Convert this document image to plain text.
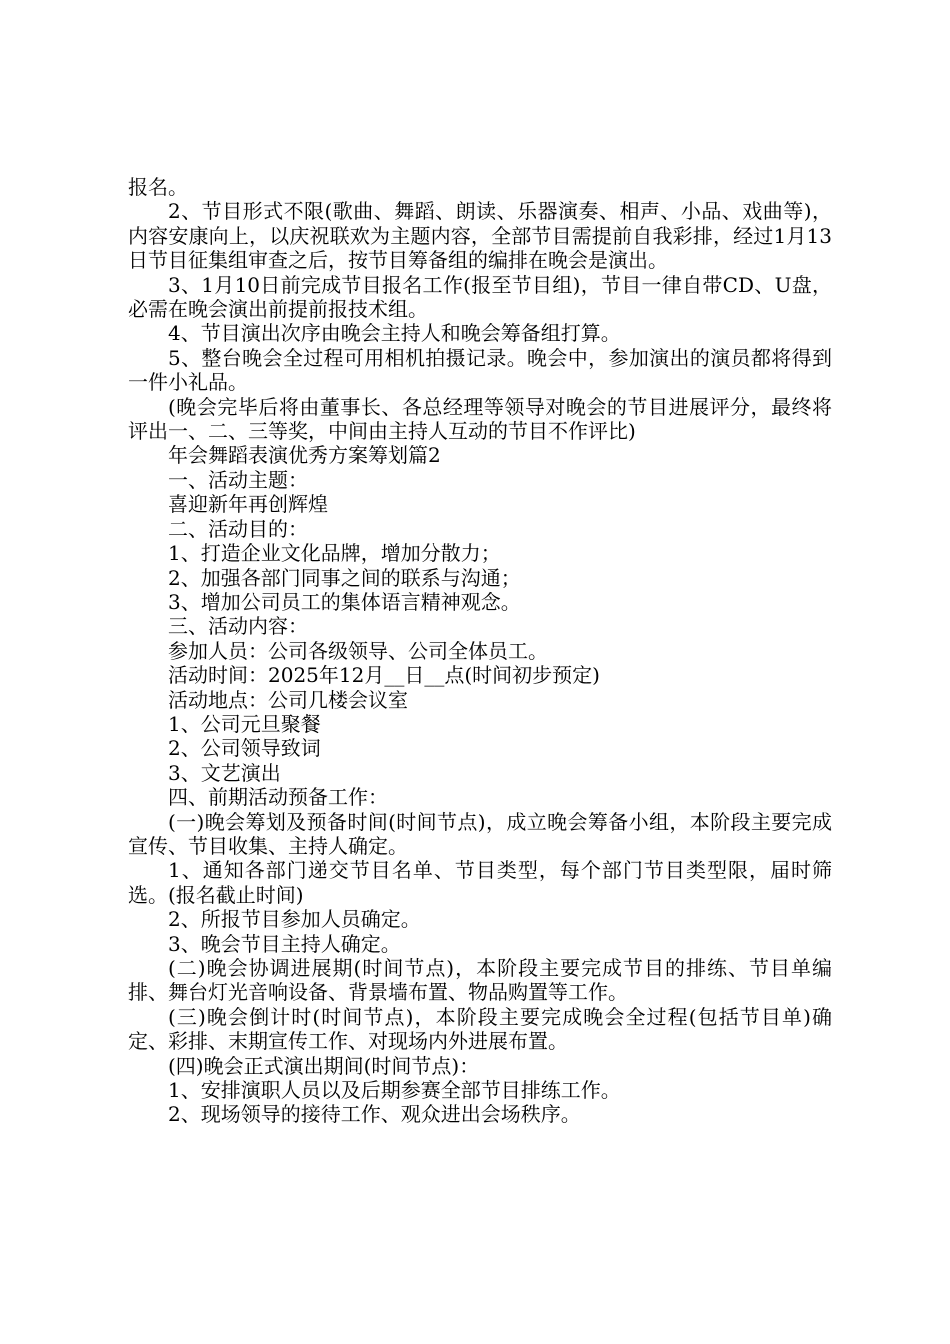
报名。

2、节目形式不限(歌曲、舞蹈、朗读、乐器演奏、相声、小品、戏曲等)，内容安康向上，以庆祝联欢为主题内容，全部节目需提前自我彩排，经过1月13日节目征集组审查之后，按节目筹备组的编排在晚会是演出。

3、1月10日前完成节目报名工作(报至节目组)，节目一律自带CD、U盘，必需在晚会演出前提前报技术组。

4、节目演出次序由晚会主持人和晚会筹备组打算。

5、整台晚会全过程可用相机拍摄记录。晚会中，参加演出的演员都将得到一件小礼品。

(晚会完毕后将由董事长、各总经理等领导对晚会的节目进展评分，最终将评出一、二、三等奖，中间由主持人互动的节目不作评比)

年会舞蹈表演优秀方案筹划篇2

一、活动主题：

喜迎新年再创辉煌

二、活动目的：

1、打造企业文化品牌，增加分散力；

2、加强各部门同事之间的联系与沟通；

3、增加公司员工的集体语言精神观念。

三、活动内容：

参加人员：公司各级领导、公司全体员工。

活动时间：2025年12月__日__点(时间初步预定)

活动地点：公司几楼会议室

1、公司元旦聚餐

2、公司领导致词

3、文艺演出

四、前期活动预备工作：

(一)晚会筹划及预备时间(时间节点)，成立晚会筹备小组，本阶段主要完成宣传、节目收集、主持人确定。

1、通知各部门递交节目名单、节目类型，每个部门节目类型限，届时筛选。(报名截止时间)

2、所报节目参加人员确定。

3、晚会节目主持人确定。

(二)晚会协调进展期(时间节点)，本阶段主要完成节目的排练、节目单编排、舞台灯光音响设备、背景墙布置、物品购置等工作。

(三)晚会倒计时(时间节点)，本阶段主要完成晚会全过程(包括节目单)确定、彩排、末期宣传工作、对现场内外进展布置。

(四)晚会正式演出期间(时间节点)：

1、安排演职人员以及后期参赛全部节目排练工作。

2、现场领导的接待工作、观众进出会场秩序。
